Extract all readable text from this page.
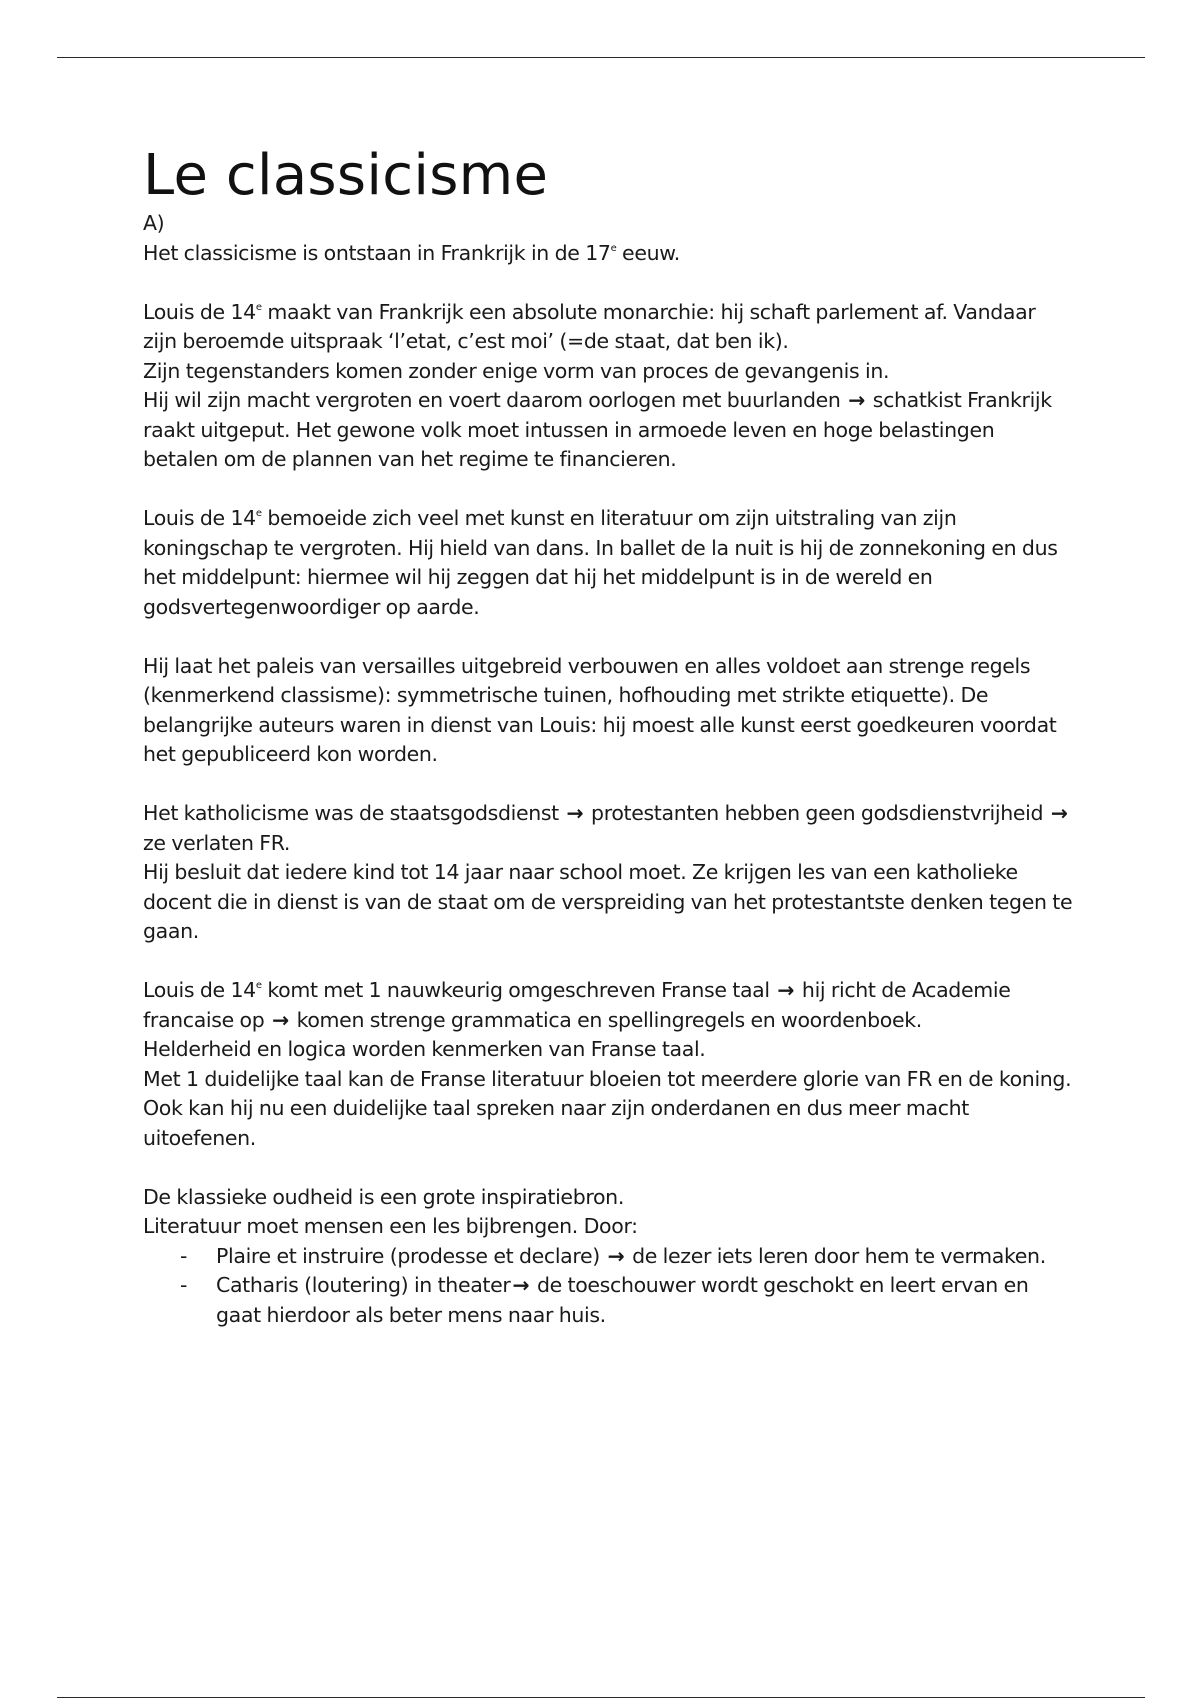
Le classicisme
A)

Het classicisme is ontstaan in Frankrijk in de 17e eeuw.

Louis de 14e maakt van Frankrijk een absolute monarchie: hij schaft parlement af. Vandaar zijn beroemde uitspraak ‘l’etat, c’est moi’ (=de staat, dat ben ik).

Zijn tegenstanders komen zonder enige vorm van proces de gevangenis in.

Hij wil zijn macht vergroten en voert daarom oorlogen met buurlanden → schatkist Frankrijk raakt uitgeput. Het gewone volk moet intussen in armoede leven en hoge belastingen betalen om de plannen van het regime te financieren.

Louis de 14e bemoeide zich veel met kunst en literatuur om zijn uitstraling van zijn koningschap te vergroten. Hij hield van dans. In ballet de la nuit is hij de zonnekoning en dus het middelpunt: hiermee wil hij zeggen dat hij het middelpunt is in de wereld en godsvertegenwoordiger op aarde.

Hij laat het paleis van versailles uitgebreid verbouwen en alles voldoet aan strenge regels (kenmerkend classisme): symmetrische tuinen, hofhouding met strikte etiquette). De belangrijke auteurs waren in dienst van Louis: hij moest alle kunst eerst goedkeuren voordat het gepubliceerd kon worden.

Het katholicisme was de staatsgodsdienst → protestanten hebben geen godsdienstvrijheid → ze verlaten FR.

Hij besluit dat iedere kind tot 14 jaar naar school moet. Ze krijgen les van een katholieke docent die in dienst is van de staat om de verspreiding van het protestantste denken tegen te gaan.

Louis de 14e komt met 1 nauwkeurig omgeschreven Franse taal → hij richt de Academie francaise op → komen strenge grammatica en spellingregels en woordenboek.

Helderheid en logica worden kenmerken van Franse taal.

Met 1 duidelijke taal kan de Franse literatuur bloeien tot meerdere glorie van FR en de koning. Ook kan hij nu een duidelijke taal spreken naar zijn onderdanen en dus meer macht uitoefenen.

De klassieke oudheid is een grote inspiratiebron.

Literatuur moet mensen een les bijbrengen. Door:

- Plaire et instruire (prodesse et declare) → de lezer iets leren door hem te vermaken.
- Catharis (loutering) in theater→ de toeschouwer wordt geschokt en leert ervan en gaat hierdoor als beter mens naar huis.
